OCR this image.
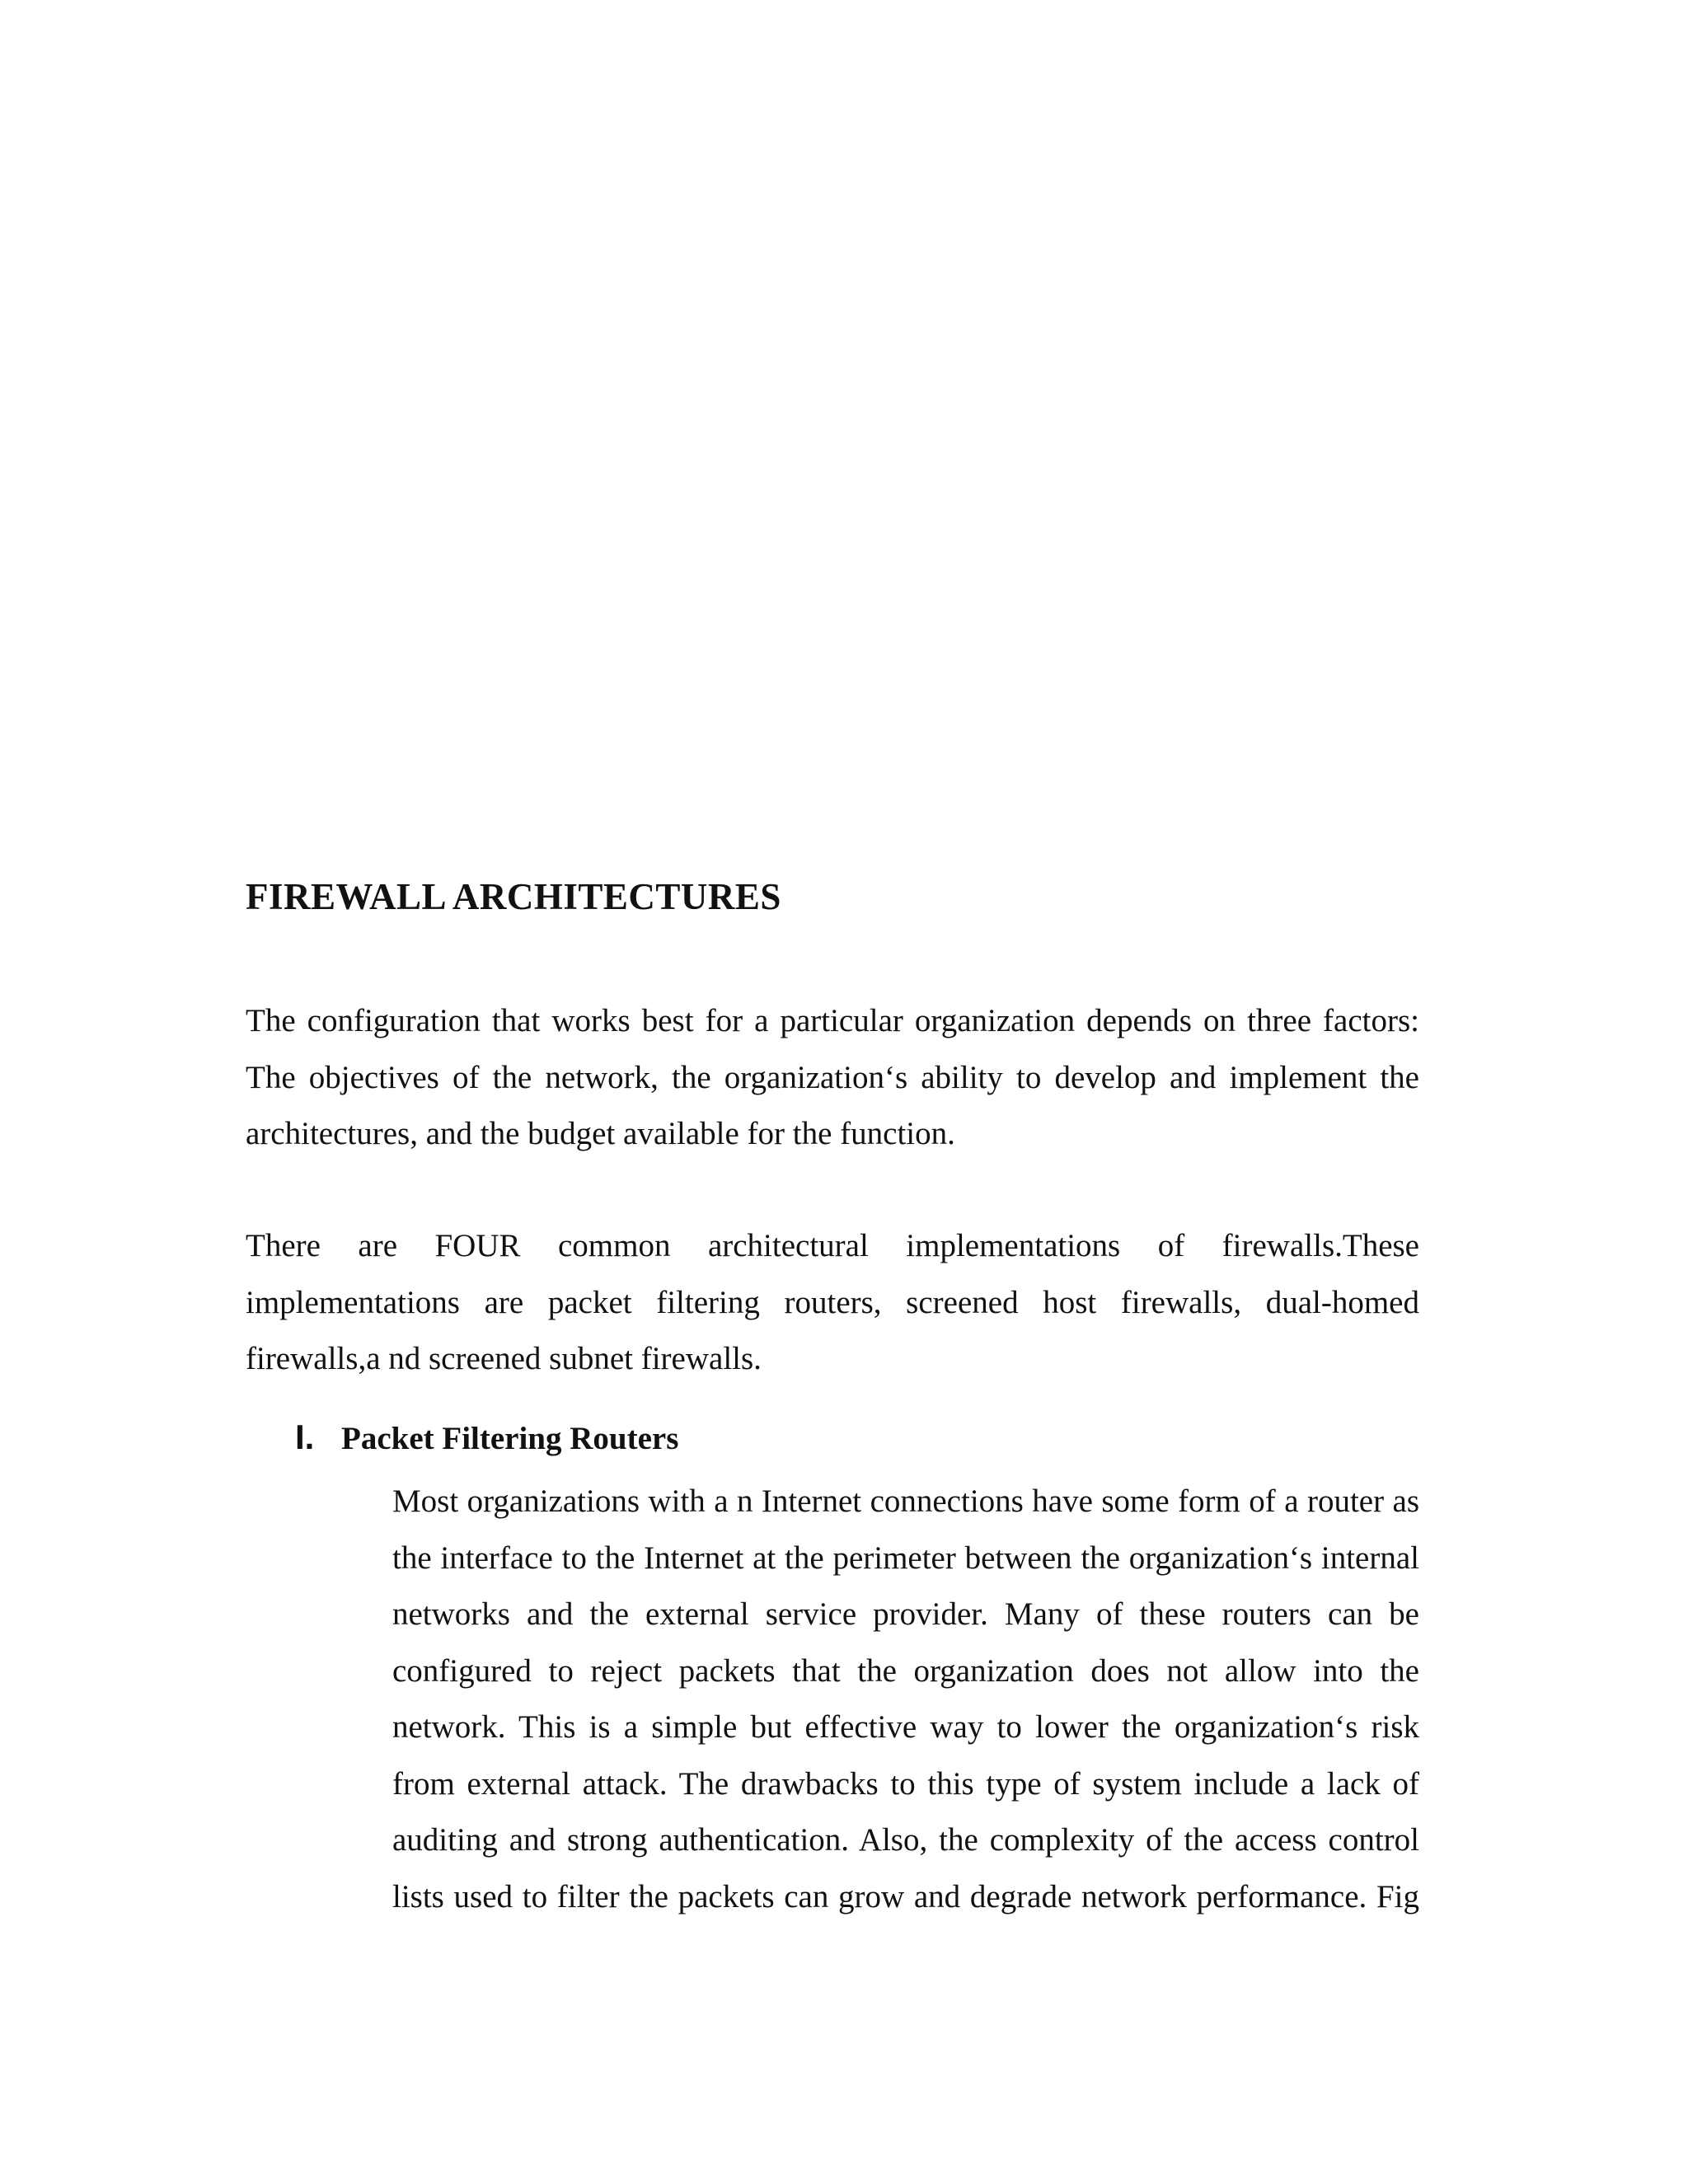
FIREWALL ARCHITECTURES

The configuration that works best for a particular organization depends on three factors: The objectives of the network, the organization‘s ability to develop and implement the architectures, and the budget available for the function.

There are FOUR common architectural implementations of firewalls.These implementations are packet filtering routers, screened host firewalls, dual-homed firewalls,a nd screened subnet firewalls.

I. Packet Filtering Routers

Most organizations with a n Internet connections have some form of a router as the interface to the Internet at the perimeter between the organization‘s internal networks and the external service provider. Many of these routers can be configured to reject packets that the organization does not allow into the network. This is a simple but effective way to lower the organization‘s risk from external attack. The drawbacks to this type of system include a lack of auditing and strong authentication. Also, the complexity of the access control lists used to filter the packets can grow and degrade network performance. Fig
